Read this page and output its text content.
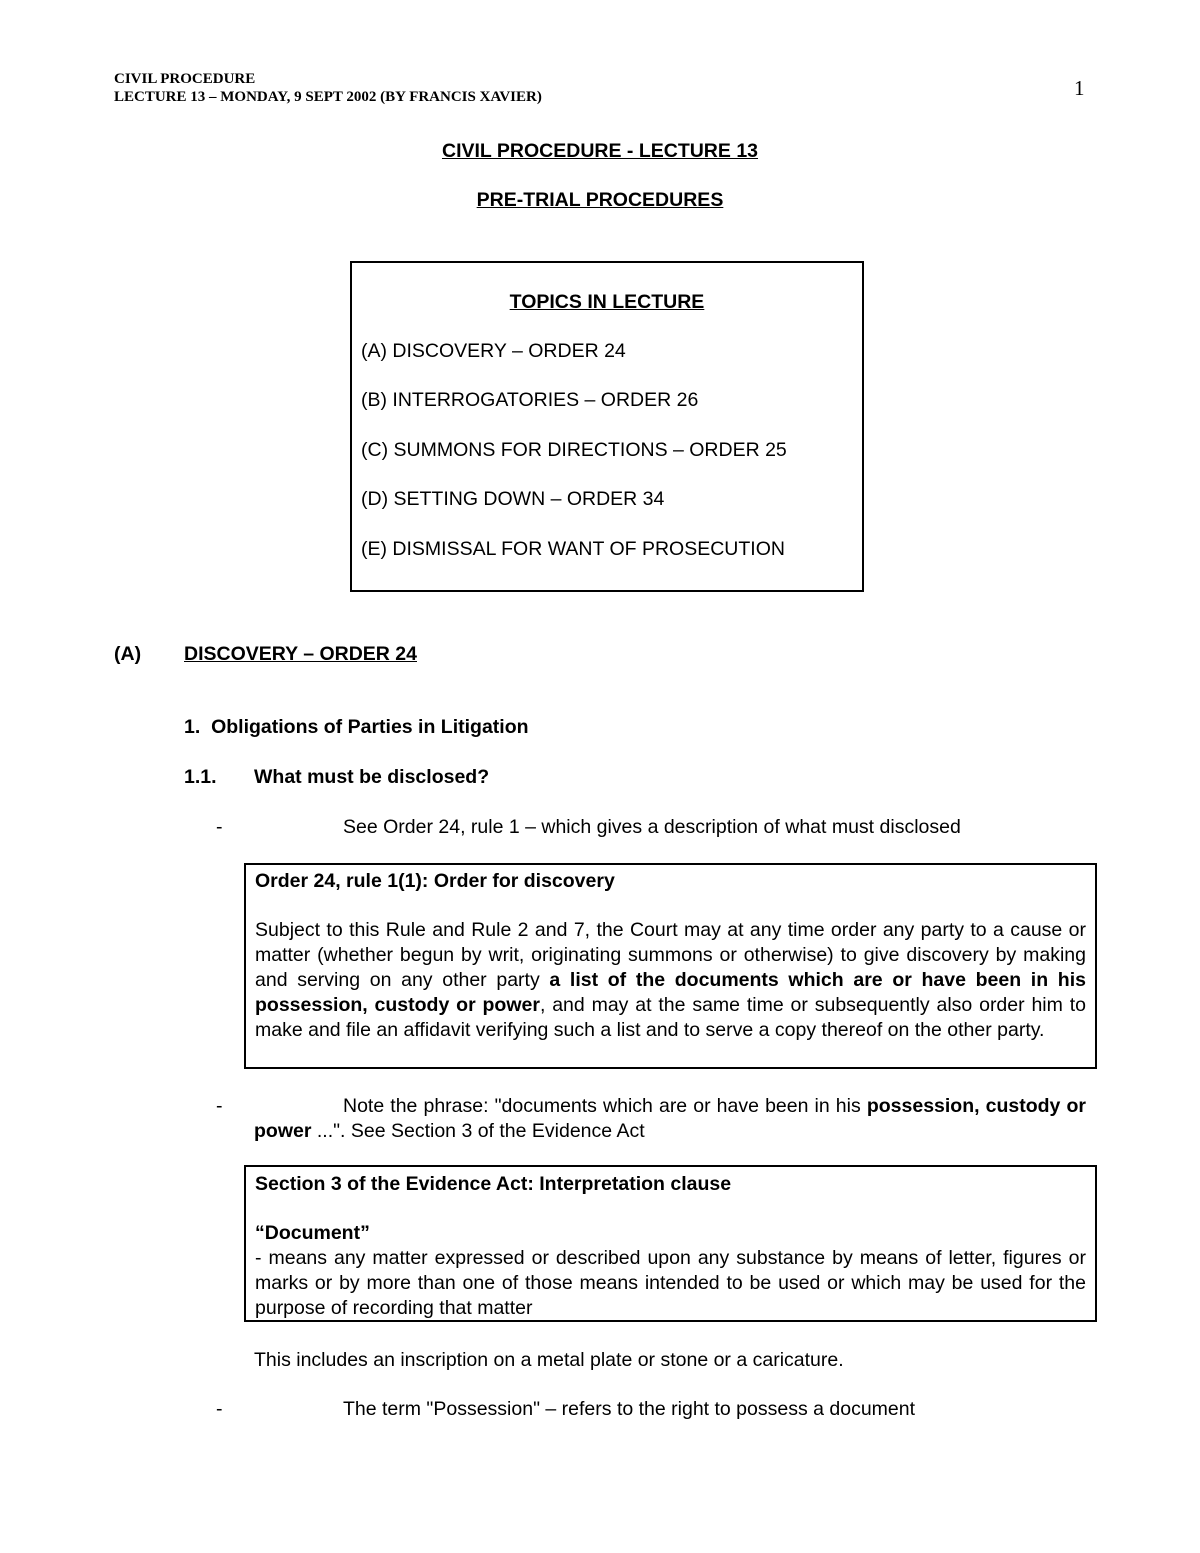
CIVIL PROCEDURE
LECTURE 13 – MONDAY, 9 SEPT 2002 (BY FRANCIS XAVIER)	1
CIVIL PROCEDURE - LECTURE 13
PRE-TRIAL PROCEDURES
TOPICS IN LECTURE
(A) DISCOVERY – ORDER 24
(B) INTERROGATORIES – ORDER 26
(C) SUMMONS FOR DIRECTIONS – ORDER 25
(D) SETTING DOWN – ORDER 34
(E) DISMISSAL FOR WANT OF PROSECUTION
(A) DISCOVERY – ORDER 24
1.  Obligations of Parties in Litigation
1.1. What must be disclosed?
-	See Order 24, rule 1 – which gives a description of what must disclosed
Order 24, rule 1(1): Order for discovery
Subject to this Rule and Rule 2 and 7, the Court may at any time order any party to a cause or matter (whether begun by writ, originating summons or otherwise) to give discovery by making and serving on any other party a list of the documents which are or have been in his possession, custody or power, and may at the same time or subsequently also order him to make and file an affidavit verifying such a list and to serve a copy thereof on the other party.
-	Note the phrase: "documents which are or have been in his possession, custody or power ...". See Section 3 of the Evidence Act
Section 3 of the Evidence Act: Interpretation clause
“Document”
- means any matter expressed or described upon any substance by means of letter, figures or marks or by more than one of those means intended to be used or which may be used for the purpose of recording that matter
This includes an inscription on a metal plate or stone or a caricature.
-	The term "Possession" – refers to the right to possess a document
